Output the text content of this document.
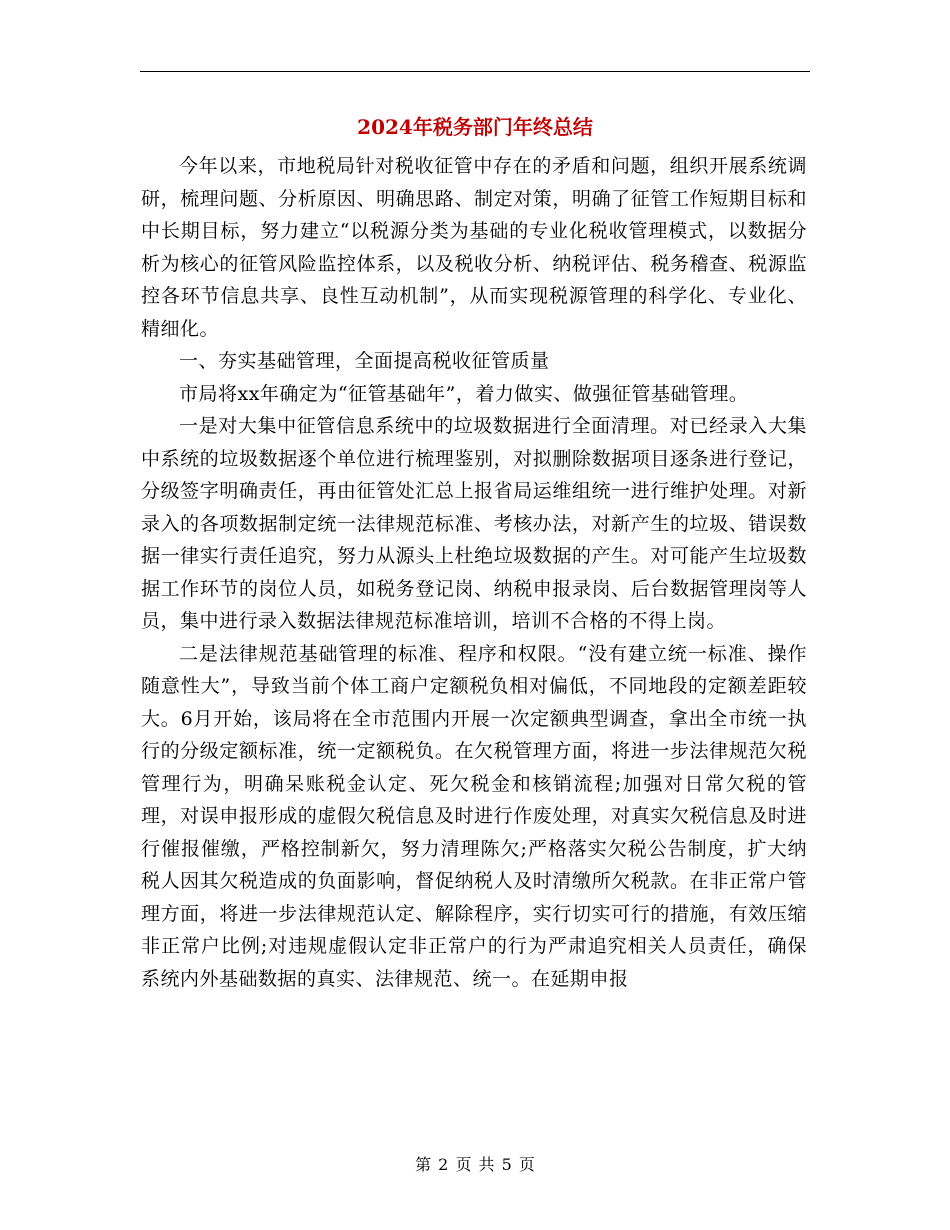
2024年税务部门年终总结

今年以来，市地税局针对税收征管中存在的矛盾和问题，组织开展系统调研，梳理问题、分析原因、明确思路、制定对策，明确了征管工作短期目标和中长期目标，努力建立“以税源分类为基础的专业化税收管理模式，以数据分析为核心的征管风险监控体系，以及税收分析、纳税评估、税务稽查、税源监控各环节信息共享、良性互动机制”，从而实现税源管理的科学化、专业化、精细化。

一、夯实基础管理，全面提高税收征管质量

市局将xx年确定为“征管基础年”，着力做实、做强征管基础管理。

一是对大集中征管信息系统中的垃圾数据进行全面清理。对已经录入大集中系统的垃圾数据逐个单位进行梳理鉴别，对拟删除数据项目逐条进行登记，分级签字明确责任，再由征管处汇总上报省局运维组统一进行维护处理。对新录入的各项数据制定统一法律规范标准、考核办法，对新产生的垃圾、错误数据一律实行责任追究，努力从源头上杜绝垃圾数据的产生。对可能产生垃圾数据工作环节的岗位人员，如税务登记岗、纳税申报录岗、后台数据管理岗等人员，集中进行录入数据法律规范标准培训，培训不合格的不得上岗。

二是法律规范基础管理的标准、程序和权限。“没有建立统一标准、操作随意性大”，导致当前个体工商户定额税负相对偏低，不同地段的定额差距较大。6月开始，该局将在全市范围内开展一次定额典型调查，拿出全市统一执行的分级定额标准，统一定额税负。在欠税管理方面，将进一步法律规范欠税管理行为，明确呆账税金认定、死欠税金和核销流程;加强对日常欠税的管理，对误申报形成的虚假欠税信息及时进行作废处理，对真实欠税信息及时进行催报催缴，严格控制新欠，努力清理陈欠;严格落实欠税公告制度，扩大纳税人因其欠税造成的负面影响，督促纳税人及时清缴所欠税款。在非正常户管理方面，将进一步法律规范认定、解除程序，实行切实可行的措施，有效压缩非正常户比例;对违规虚假认定非正常户的行为严肃追究相关人员责任，确保系统内外基础数据的真实、法律规范、统一。在延期申报

第 2 页 共 5 页
